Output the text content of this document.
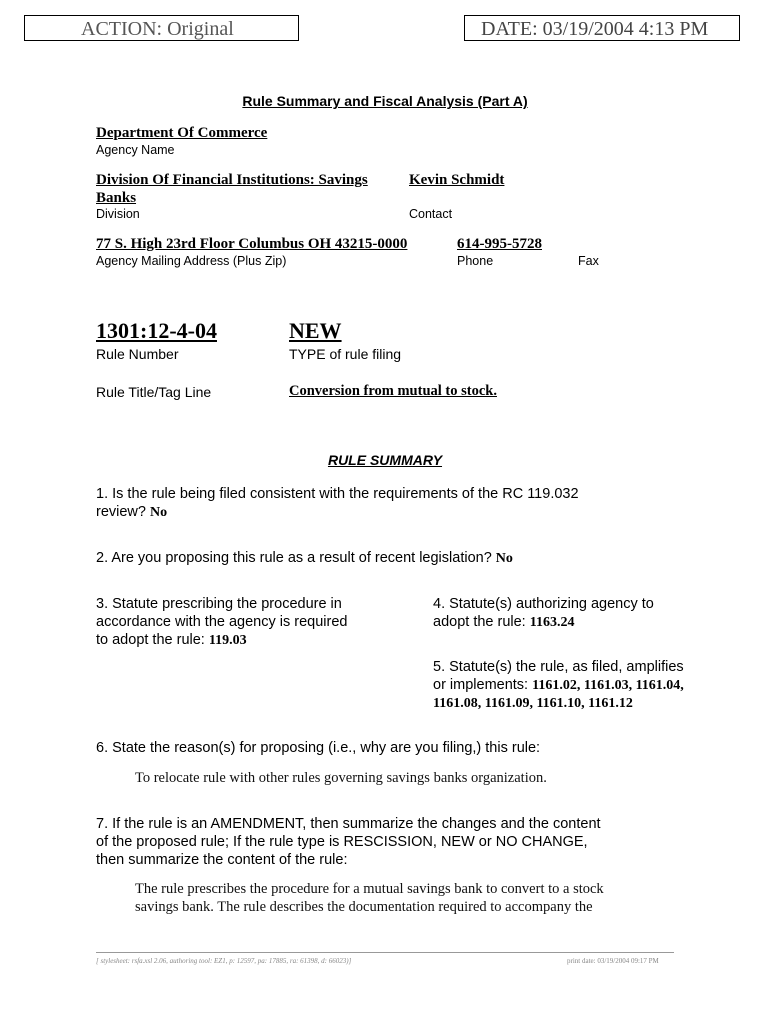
ACTION: Original	DATE: 03/19/2004 4:13 PM
Rule Summary and Fiscal Analysis (Part A)
Department Of Commerce
Agency Name
Division Of Financial Institutions: Savings
Banks
Division
Kevin Schmidt
Contact
77 S. High 23rd Floor Columbus OH 43215-0000
Agency Mailing Address (Plus Zip)
614-995-5728
Phone	Fax
1301:12-4-04
Rule Number
NEW
TYPE of rule filing
Rule Title/Tag Line	Conversion from mutual to stock.
RULE SUMMARY
1. Is the rule being filed consistent with the requirements of the RC 119.032
review? No
2. Are you proposing this rule as a result of recent legislation? No
3. Statute prescribing the procedure in
accordance with the agency is required
to adopt the rule: 119.03
4. Statute(s) authorizing agency to
adopt the rule: 1163.24
5. Statute(s) the rule, as filed, amplifies
or implements: 1161.02, 1161.03, 1161.04,
1161.08, 1161.09, 1161.10, 1161.12
6. State the reason(s) for proposing (i.e., why are you filing,) this rule:
To relocate rule with other rules governing savings banks organization.
7. If the rule is an AMENDMENT, then summarize the changes and the content
of the proposed rule; If the rule type is RESCISSION, NEW or NO CHANGE,
then summarize the content of the rule:
The rule prescribes the procedure for a mutual savings bank to convert to a stock
savings bank. The rule describes the documentation required to accompany the
[ stylesheet: rsfa.xsl 2.06, authoring tool: EZ1, p: 12597, pa: 17885, ra: 61398, d: 66023)]	print date: 03/19/2004 09:17 PM
